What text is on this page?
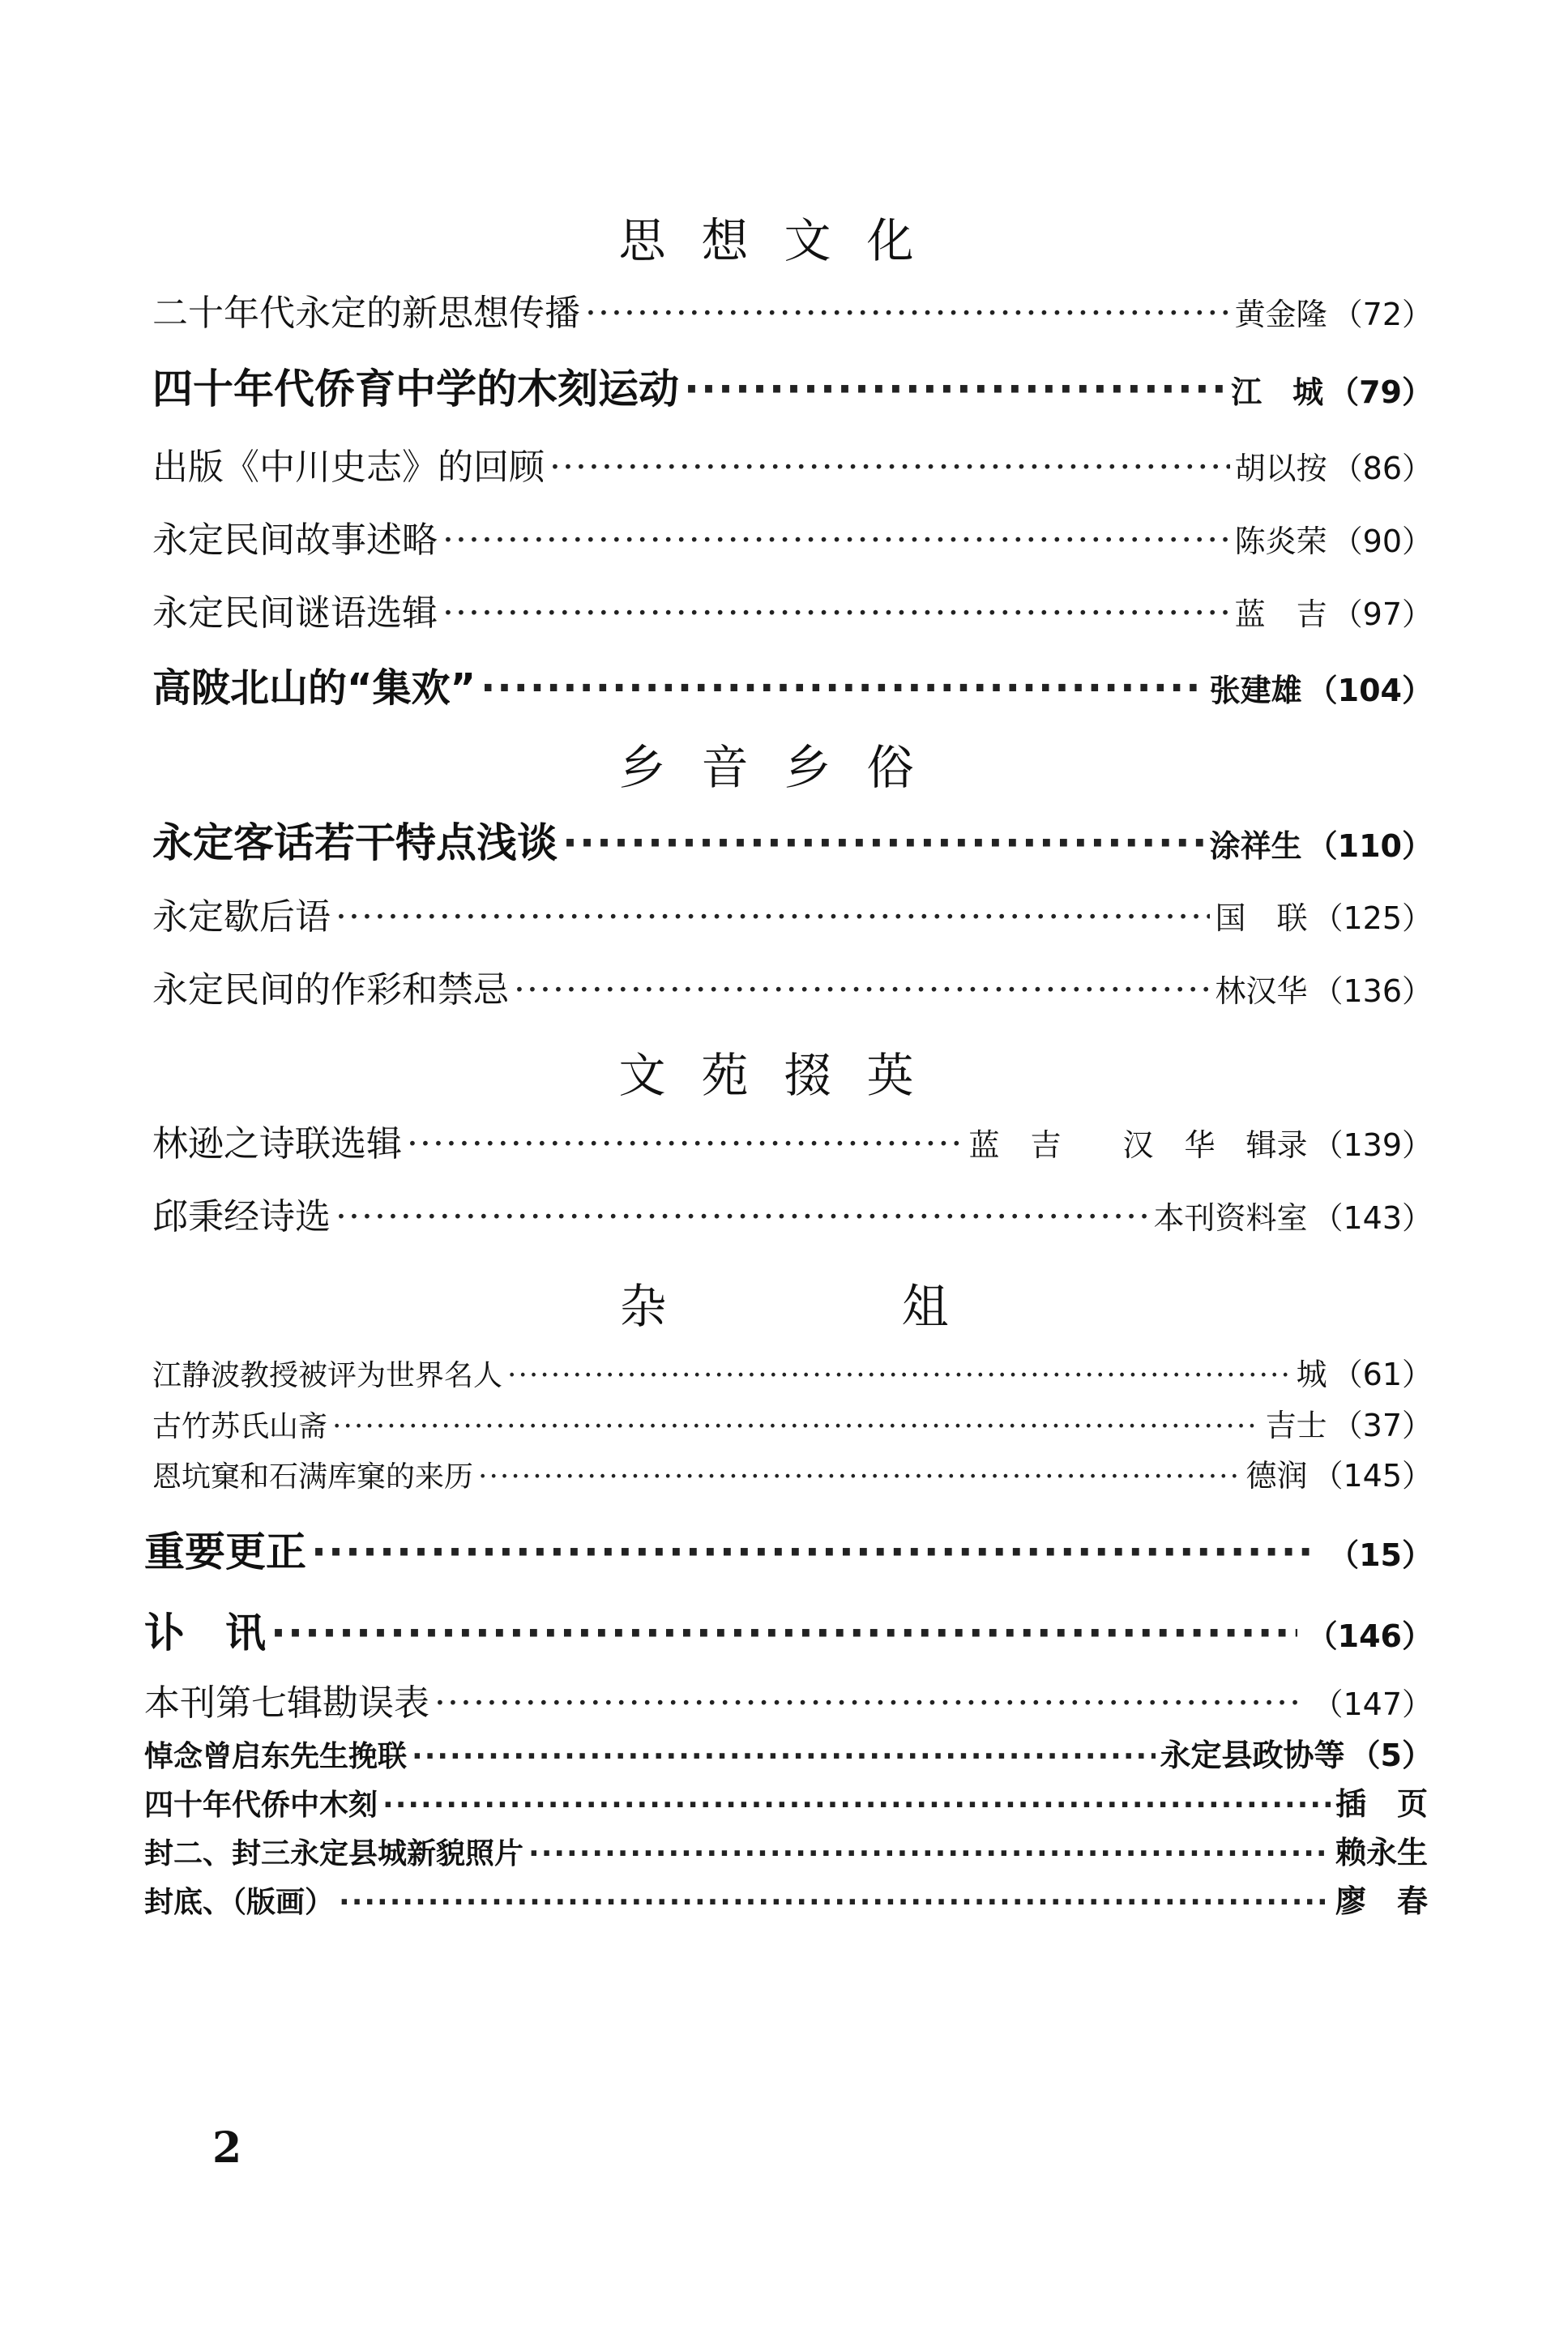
思想文化
二十年代永定的新思想传播 ·····	黄金隆 （72）
四十年代侨育中学的木刻运动 ·····	江　城 （79）
出版《中川史志》的回顾 ·····	胡以按 （86）
永定民间故事述略 ·····	陈炎荣 （90）
永定民间谜语选辑 ·····	蓝　吉 （97）
高陂北山的“集欢” ·····	张建雄 （104）
乡音乡俗
永定客话若干特点浅谈 ·····	涂祥生 （110）
永定歇后语 ·····	国　联 （125）
永定民间的作彩和禁忌 ·····	林汉华 （136）
文苑掇英
林逊之诗联选辑 ·····	蓝　吉　　汉　华　辑录 （139）
邱秉经诗选 ·····	本刊资料室 （143）
杂俎
江静波教授被评为世界名人 ·····	城 （61）
古竹苏氏山斋 ·····	吉士 （37）
恩坑窠和石满库窠的来历 ·····	德润 （145）
重要更正 ·····	（15）
讣　讯 ·····	（146）
本刊第七辑勘误表 ·····	（147）
悼念曾启东先生挽联 ·····	永定县政协等 （5）
四十年代侨中木刻 ·····	插　页
封二、封三永定县城新貌照片 ·····	赖永生
封底、（版画） ·····	廖　春
2
